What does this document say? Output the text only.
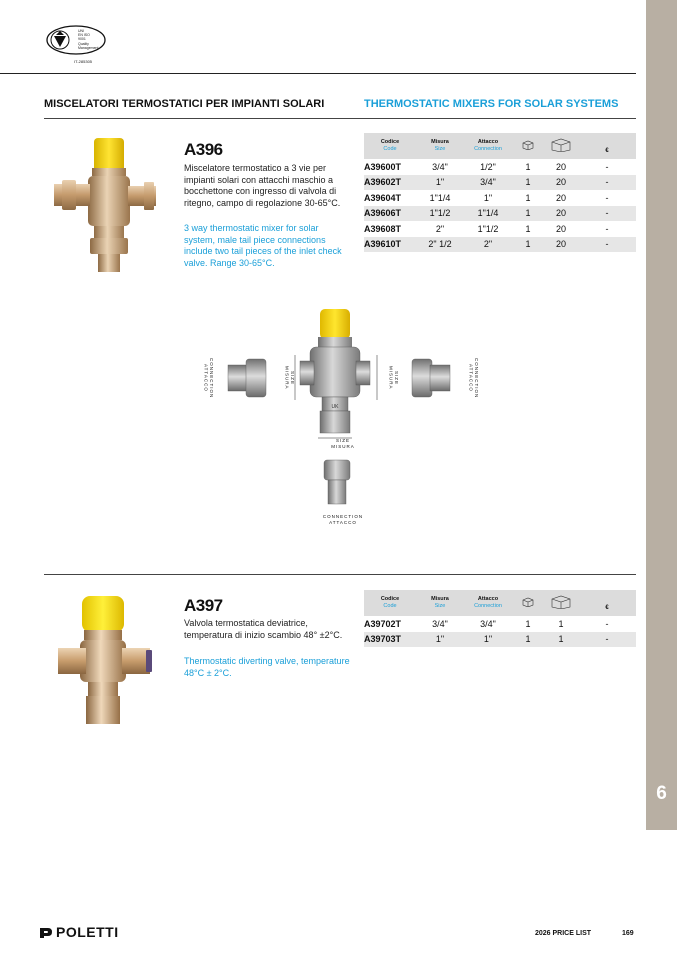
6
UNI
EN ISO
9001
Quality
Management
IT-285305
MISCELATORI TERMOSTATICI PER IMPIANTI SOLARI	THERMOSTATIC MIXERS FOR SOLAR SYSTEMS
A396
Miscelatore termostatico a 3 vie per impianti solari con attacchi maschio a bocchettone con ingresso di valvola di ritegno, campo di regolazione 30-65°C.
3 way thermostatic mixer for solar system, male tail piece connections include two tail pieces of the inlet check valve. Range 30-65°C.
Codice
Code	Misura
Size	Attacco
Connection			€
A39600T	3/4"	1/2"	1	20	-
A39602T	1"	3/4"	1	20	-
A39604T	1"1/4	1"	1	20	-
A39606T	1"1/2	1"1/4	1	20	-
A39608T	2"	1"1/2	1	20	-
A39610T	2" 1/2	2"	1	20	-
UK
CONNECTION ATTACCO	SIZE MISURA	SIZE MISURA	CONNECTION ATTACCO
SIZE
MISURA
CONNECTION
ATTACCO
A397
Valvola termostatica deviatrice, temperatura di inizio scambio 48° ±2°C.
Thermostatic diverting valve, temperature 48°C ± 2°C.
Codice
Code	Misura
Size	Attacco
Connection			€
A39702T	3/4"	3/4"	1	1	-
A39703T	1"	1"	1	1	-
POLETTI	2026 PRICE LIST	169
